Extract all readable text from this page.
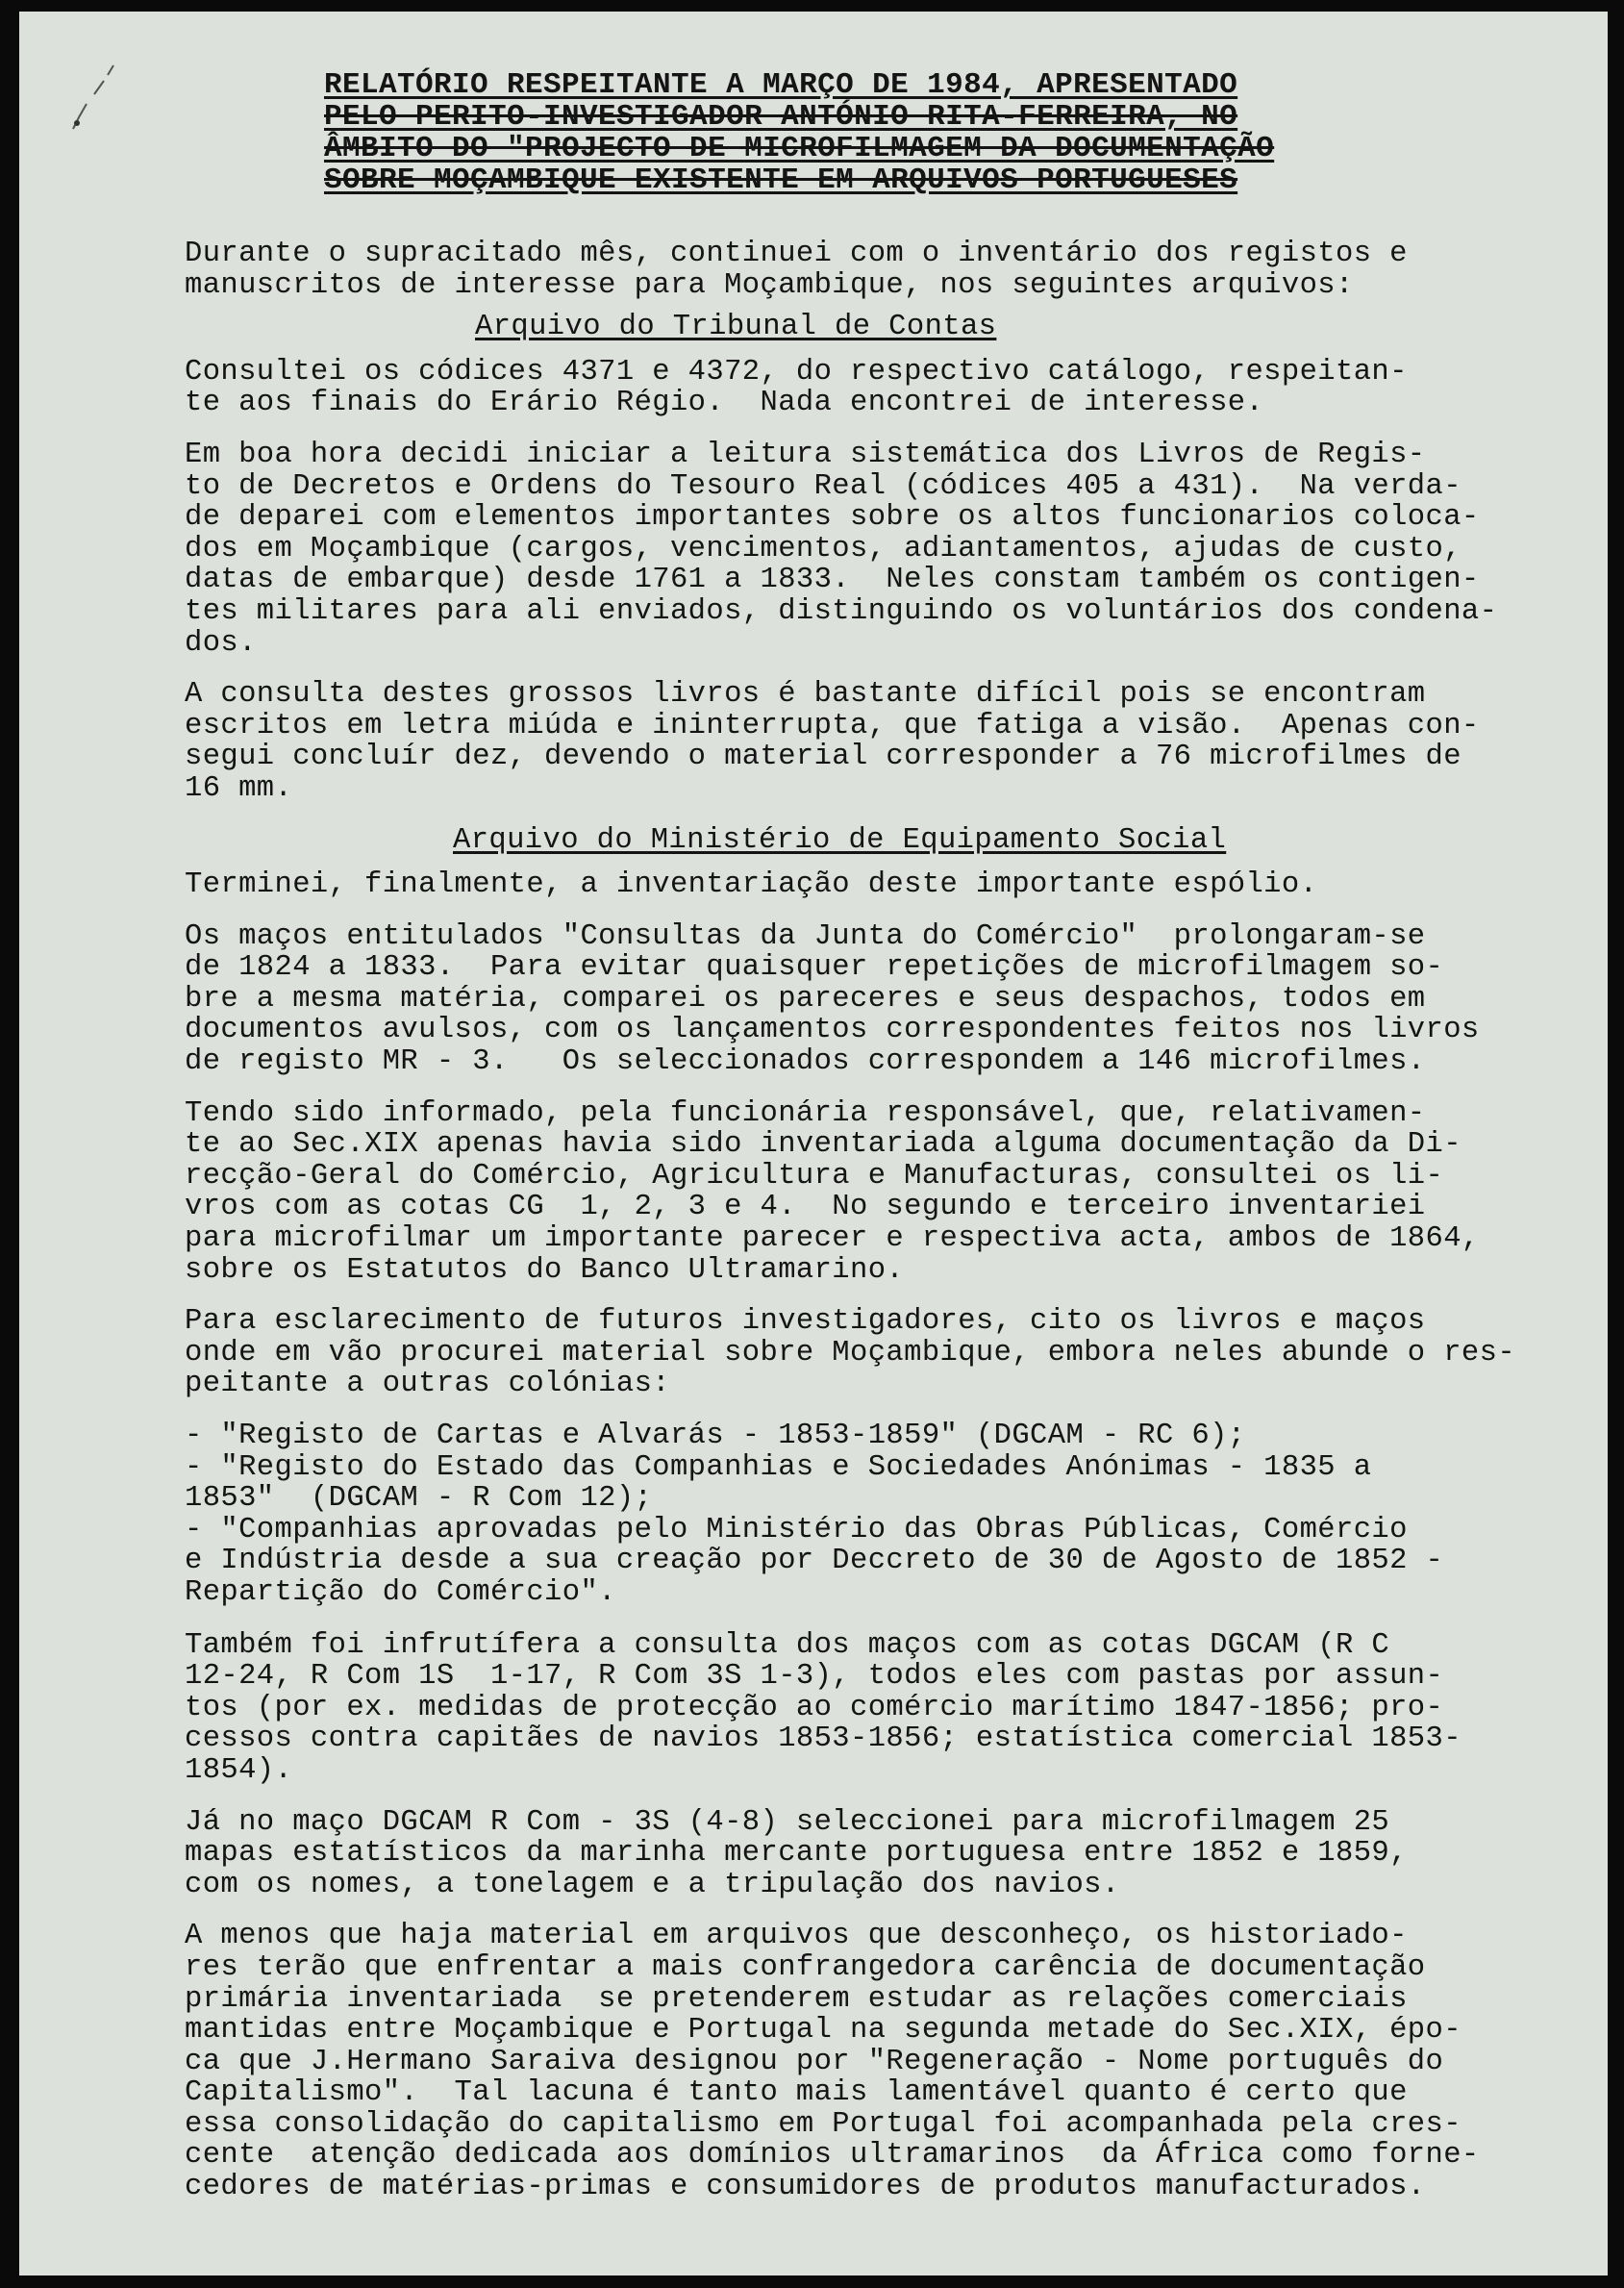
RELATÓRIO RESPEITANTE A MARÇO DE 1984, APRESENTADO
PELO PERITO-INVESTIGADOR ANTÓNIO RITA-FERREIRA, NO
ÂMBITO DO "PROJECTO DE MICROFILMAGEM DA DOCUMENTAÇÃO
SOBRE MOÇAMBIQUE EXISTENTE EM ARQUIVOS PORTUGUESES
Durante o supracitado mês, continuei com o inventário dos registos e
manuscritos de interesse para Moçambique, nos seguintes arquivos:
Arquivo do Tribunal de Contas
Consultei os códices 4371 e 4372, do respectivo catálogo, respeitan-
te aos finais do Erário Régio.  Nada encontrei de interesse.
Em boa hora decidi iniciar a leitura sistemática dos Livros de Regis-
to de Decretos e Ordens do Tesouro Real (códices 405 a 431).  Na verda-
de deparei com elementos importantes sobre os altos funcionarios coloca-
dos em Moçambique (cargos, vencimentos, adiantamentos, ajudas de custo,
datas de embarque) desde 1761 a 1833.  Neles constam também os contigen-
tes militares para ali enviados, distinguindo os voluntários dos condena-
dos.
A consulta destes grossos livros é bastante difícil pois se encontram
escritos em letra miúda e ininterrupta, que fatiga a visão.  Apenas con-
segui concluír dez, devendo o material corresponder a 76 microfilmes de
16 mm.
Arquivo do Ministério de Equipamento Social
Terminei, finalmente, a inventariação deste importante espólio.
Os maços entitulados "Consultas da Junta do Comércio"  prolongaram-se
de 1824 a 1833.  Para evitar quaisquer repetições de microfilmagem so-
bre a mesma matéria, comparei os pareceres e seus despachos, todos em
documentos avulsos, com os lançamentos correspondentes feitos nos livros
de registo MR - 3.   Os seleccionados correspondem a 146 microfilmes.
Tendo sido informado, pela funcionária responsável, que, relativamen-
te ao Sec.XIX apenas havia sido inventariada alguma documentação da Di-
recção-Geral do Comércio, Agricultura e Manufacturas, consultei os li-
vros com as cotas CG  1, 2, 3 e 4.  No segundo e terceiro inventariei
para microfilmar um importante parecer e respectiva acta, ambos de 1864,
sobre os Estatutos do Banco Ultramarino.
Para esclarecimento de futuros investigadores, cito os livros e maços
onde em vão procurei material sobre Moçambique, embora neles abunde o res-
peitante a outras colónias:
- "Registo de Cartas e Alvarás - 1853-1859" (DGCAM - RC 6);
- "Registo do Estado das Companhias e Sociedades Anónimas - 1835 a
1853"  (DGCAM - R Com 12);
- "Companhias aprovadas pelo Ministério das Obras Públicas, Comércio
e Indústria desde a sua creação por Deccreto de 30 de Agosto de 1852 -
Repartição do Comércio".
Também foi infrutífera a consulta dos maços com as cotas DGCAM (R C
12-24, R Com 1S  1-17, R Com 3S 1-3), todos eles com pastas por assun-
tos (por ex. medidas de protecção ao comércio marítimo 1847-1856; pro-
cessos contra capitães de navios 1853-1856; estatística comercial 1853-
1854).
Já no maço DGCAM R Com - 3S (4-8) seleccionei para microfilmagem 25
mapas estatísticos da marinha mercante portuguesa entre 1852 e 1859,
com os nomes, a tonelagem e a tripulação dos navios.
A menos que haja material em arquivos que desconheço, os historiado-
res terão que enfrentar a mais confrangedora carência de documentação
primária inventariada  se pretenderem estudar as relações comerciais
mantidas entre Moçambique e Portugal na segunda metade do Sec.XIX, épo-
ca que J.Hermano Saraiva designou por "Regeneração - Nome português do
Capitalismo".  Tal lacuna é tanto mais lamentável quanto é certo que
essa consolidação do capitalismo em Portugal foi acompanhada pela cres-
cente  atenção dedicada aos domínios ultramarinos  da África como forne-
cedores de matérias-primas e consumidores de produtos manufacturados.
